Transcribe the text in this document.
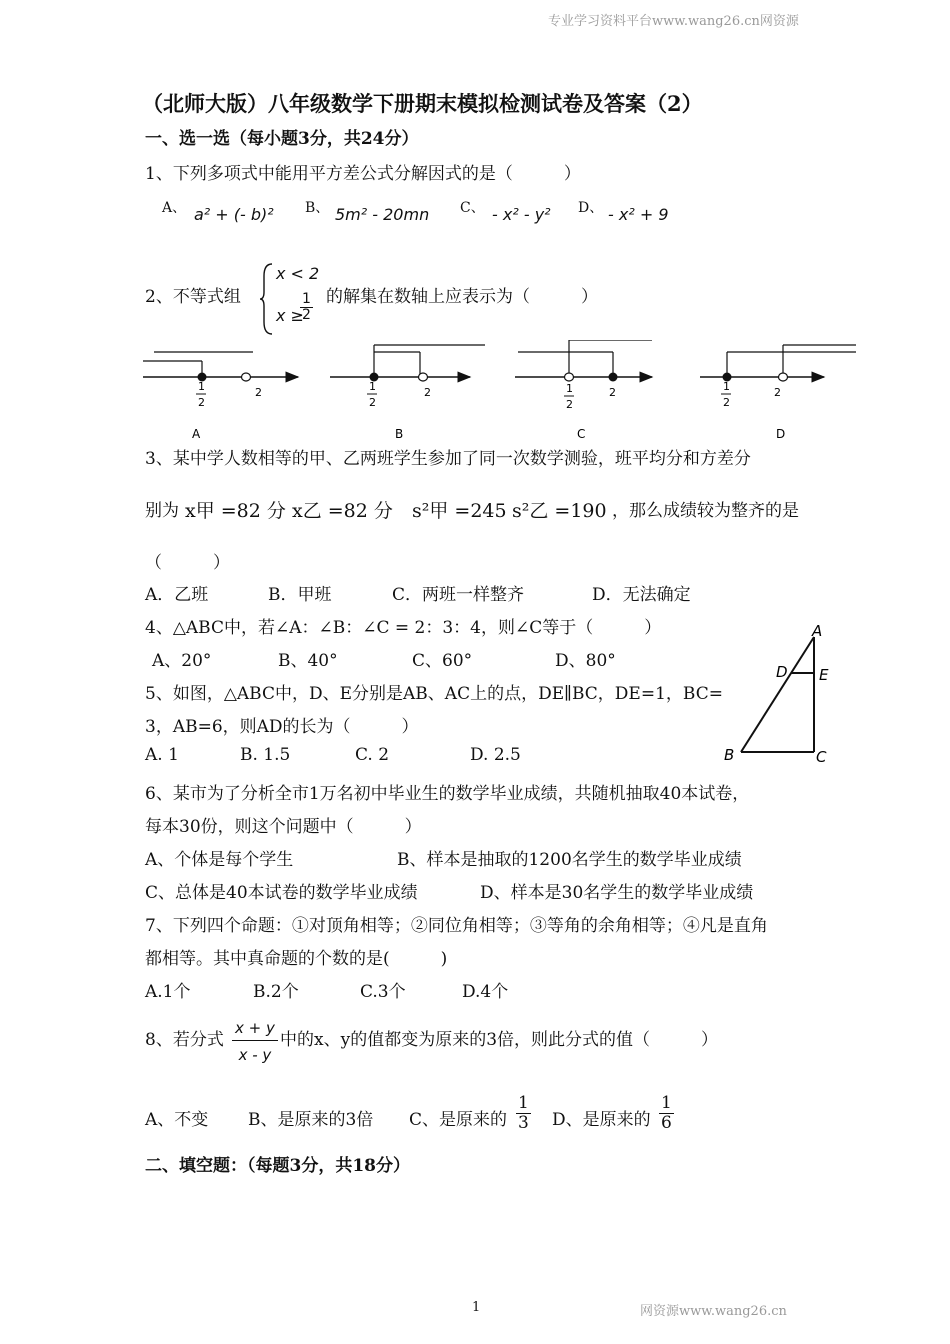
专业学习资料平台www.wang26.cn网资源
（北师大版）八年级数学下册期末模拟检测试卷及答案（2）
一、选一选（每小题3分，共24分）
1、下列多项式中能用平方差公式分解因式的是（　　　）
A、 a² + (- b)² B、 5m² - 20mn C、 - x² - y² D、 - x² + 9
2、不等式组
x < 2
x ≥
$\frac{1}{2}$ 的解集在数轴上应表示为（　　　）
1
2
2
A
1
2
2
B
1
2
2
C
1
2
2
D
3、某中学人数相等的甲、乙两班学生参加了同一次数学测验，班平均分和方差分
别为 x甲 =82 分 x乙 =82 分 s²甲 =245 s²乙 =190 ，那么成绩较为整齐的是
（　　　）
A．乙班	B．甲班	C．两班一样整齐	D．无法确定
4、△ABC中，若∠A：∠B：∠C = 2：3：4，则∠C等于（　　　）
A、20°	B、40°	C、60°	D、80°
5、如图，△ABC中，D、E分别是AB、AC上的点，DE∥BC，DE=1，BC=
3，AB=6，则AD的长为（　　　）
A. 1	B. 1.5	C. 2	D. 2.5
A
D E
B	C
6、某市为了分析全市1万名初中毕业生的数学毕业成绩，共随机抽取40本试卷，
每本30份，则这个问题中（　　　）
A、个体是每个学生	B、样本是抽取的1200名学生的数学毕业成绩
C、总体是40本试卷的数学毕业成绩	D、样本是30名学生的数学毕业成绩
7、下列四个命题：①对顶角相等；②同位角相等；③等角的余角相等；④凡是直角
都相等。其中真命题的个数的是(　　　)
A.1个	B.2个	C.3个	D.4个
8、若分式 $\frac{x + y}{x - y}$ 中的x、y的值都变为原来的3倍，则此分式的值（　　　）
A、不变 B、是原来的3倍 C、是原来的 $\frac{1}{3}$ D、是原来的 $\frac{1}{6}$
二、填空题：（每题3分，共18分）
1	网资源www.wang26.cn
